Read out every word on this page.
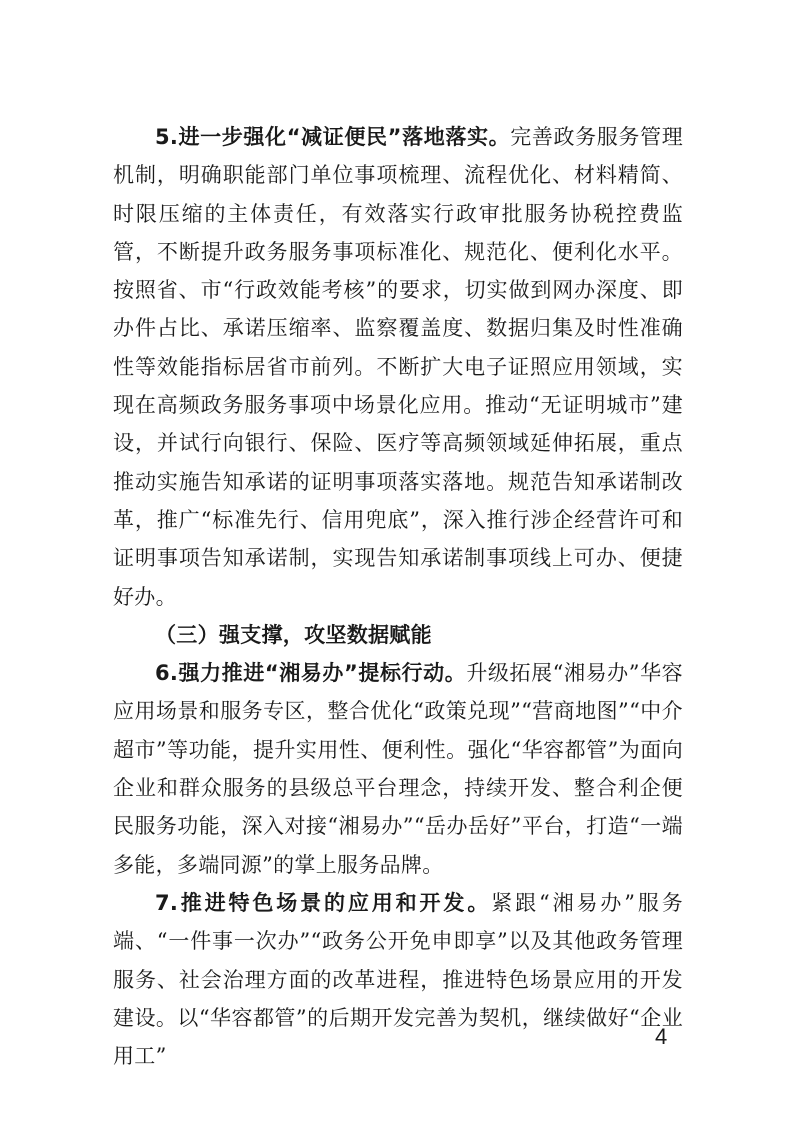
5.进一步强化“减证便民”落地落实。完善政务服务管理机制，明确职能部门单位事项梳理、流程优化、材料精简、时限压缩的主体责任，有效落实行政审批服务协税控费监管，不断提升政务服务事项标准化、规范化、便利化水平。按照省、市“行政效能考核”的要求，切实做到网办深度、即办件占比、承诺压缩率、监察覆盖度、数据归集及时性准确性等效能指标居省市前列。不断扩大电子证照应用领域，实现在高频政务服务事项中场景化应用。推动“无证明城市”建设，并试行向银行、保险、医疗等高频领域延伸拓展，重点推动实施告知承诺的证明事项落实落地。规范告知承诺制改革，推广“标准先行、信用兜底”，深入推行涉企经营许可和证明事项告知承诺制，实现告知承诺制事项线上可办、便捷好办。

（三）强支撑，攻坚数据赋能

6.强力推进“湘易办”提标行动。升级拓展“湘易办”华容应用场景和服务专区，整合优化“政策兑现”“营商地图”“中介超市”等功能，提升实用性、便利性。强化“华容都管”为面向企业和群众服务的县级总平台理念，持续开发、整合利企便民服务功能，深入对接“湘易办”“岳办岳好”平台，打造“一端多能，多端同源”的掌上服务品牌。

7.推进特色场景的应用和开发。紧跟“湘易办”服务端、“一件事一次办”“政务公开免申即享”以及其他政务管理服务、社会治理方面的改革进程，推进特色场景应用的开发建设。以“华容都管”的后期开发完善为契机，继续做好“企业用工”

4
